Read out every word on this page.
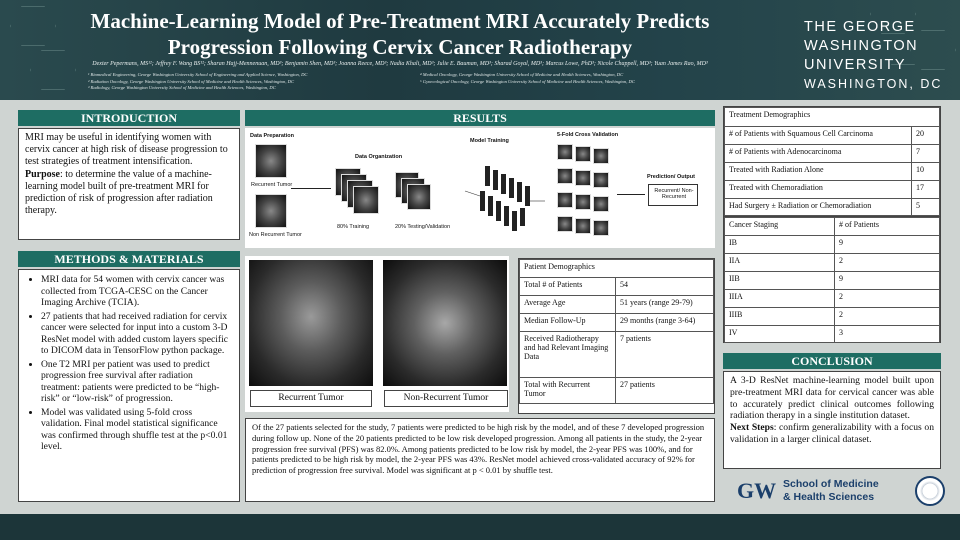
Machine-Learning Model of Pre-Treatment MRI Accurately Predicts
Progression Following Cervix Cancer Radiotherapy
Dexter Pepermans, MS¹²; Jeffrey F. Wang BS¹²; Sharan Hajj-Mennenuan, MD³; Benjamin Shen, MD³; Joanna Reece, MD³; Nadia Khali, MD³; Julie E. Bauman, MD³; Sharad Goyal, MD³; Marcus Lowe, PhD³; Nicole Chappell, MD³; Yuan James Rao, MD³
¹ Biomedical Engineering, George Washington University School of Engineering and Applied Science, Washington, DC
² Radiation Oncology, George Washington University School of Medicine and Health Sciences, Washington, DC
³ Radiology, George Washington University School of Medicine and Health Sciences, Washington, DC
⁴ Medical Oncology, George Washington University School of Medicine and Health Sciences, Washington, DC
⁵ Gynecological Oncology, George Washington University School of Medicine and Health Sciences, Washington, DC
THE GEORGE
WASHINGTON
UNIVERSITY
WASHINGTON, DC
INTRODUCTION
MRI may be useful in identifying women with cervix cancer at high risk of disease progression to test strategies of treatment intensification.
Purpose: to determine the value of a machine-learning model built of pre-treatment MRI for prediction of risk of progression after radiation therapy.
METHODS & MATERIALS
• MRI data for 54 women with cervix cancer was collected from TCGA-CESC on the Cancer Imaging Archive (TCIA).
• 27 patients that had received radiation for cervix cancer were selected for input into a custom 3-D ResNet model with added custom layers specific to DICOM data in TensorFlow python package.
• One T2 MRI per patient was used to predict progression free survival after radiation treatment: patients were predicted to be “high-risk” or “low-risk” of progression.
• Model was validated using 5-fold cross validation. Final model statistical significance was confirmed through shuffle test at the p<0.01 level.
RESULTS
Data Preparation
Data Organization
Model Training
5-Fold Cross Validation
Prediction/ Output
Recurrent/ Non-Recurrent
Recurrent Tumor
Non Recurrent Tumor
80% Training	20% Testing/Validation
Recurrent Tumor	Non-Recurrent Tumor
Patient Demographics	
Total # of Patients	54
Average Age	51 years (range 29-79)
Median Follow-Up	29 months (range 3-64)
Received Radiotherapy and had Relevant Imaging Data	7 patients
Total with Recurrent Tumor	27 patients
Of the 27 patients selected for the study, 7 patients were predicted to be high risk by the model, and of these 7 developed progression during follow up. None of the 20 patients predicted to be low risk developed progression. Among all patients in the study, the 2-year progression free survival (PFS) was 82.0%. Among patients predicted to be low risk by model, the 2-year PFS was 100%, and for patients predicted to be high risk by model, the 2-year PFS was 43%. ResNet model achieved cross-validated accuracy of 92% for prediction of progression free survival. Model was significant at p < 0.01 by shuffle test.
Treatment Demographics	
# of Patients with Squamous Cell Carcinoma	20
# of Patients with Adenocarcinoma	7
Treated with Radiation Alone	10
Treated with Chemoradiation	17
Had Surgery ± Radiation or Chemoradiation	5
Cancer Staging	# of Patients
IB	9
IIA	2
IIB	9
IIIA	2
IIIB	2
IV	3
CONCLUSION
A 3-D ResNet machine-learning model built upon pre-treatment MRI data for cervical cancer was able to accurately predict clinical outcomes following radiation therapy in a single institution dataset.
Next Steps: confirm generalizability with a focus on validation in a larger clinical dataset.
GW School of Medicine
& Health Sciences
